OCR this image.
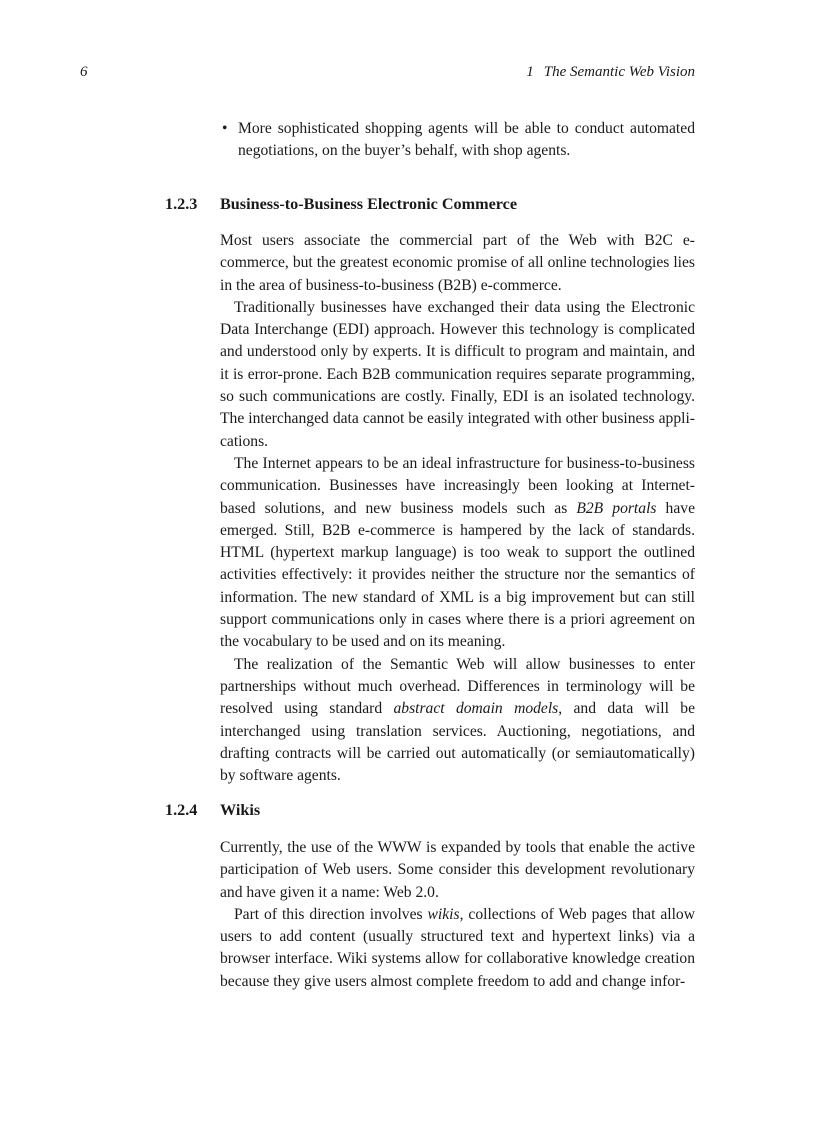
6	1 The Semantic Web Vision
• More sophisticated shopping agents will be able to conduct automated negotiations, on the buyer’s behalf, with shop agents.
1.2.3 Business-to-Business Electronic Commerce

Most users associate the commercial part of the Web with B2C e-commerce, but the greatest economic promise of all online technologies lies in the area of business-to-business (B2B) e-commerce.

Traditionally businesses have exchanged their data using the Electronic Data Interchange (EDI) approach. However this technology is complicated and understood only by experts. It is difficult to program and maintain, and it is error-prone. Each B2B communication requires separate programming, so such communications are costly. Finally, EDI is an isolated technology. The interchanged data cannot be easily integrated with other business applications.

The Internet appears to be an ideal infrastructure for business-to-business communication. Businesses have increasingly been looking at Internet-based solutions, and new business models such as B2B portals have emerged. Still, B2B e-commerce is hampered by the lack of standards. HTML (hypertext markup language) is too weak to support the outlined activities effectively: it provides neither the structure nor the semantics of information. The new standard of XML is a big improvement but can still support communications only in cases where there is a priori agreement on the vocabulary to be used and on its meaning.

The realization of the Semantic Web will allow businesses to enter partnerships without much overhead. Differences in terminology will be resolved using standard abstract domain models, and data will be interchanged using translation services. Auctioning, negotiations, and drafting contracts will be carried out automatically (or semiautomatically) by software agents.

1.2.4 Wikis

Currently, the use of the WWW is expanded by tools that enable the active participation of Web users. Some consider this development revolutionary and have given it a name: Web 2.0.

Part of this direction involves wikis, collections of Web pages that allow users to add content (usually structured text and hypertext links) via a browser interface. Wiki systems allow for collaborative knowledge creation because they give users almost complete freedom to add and change infor-
